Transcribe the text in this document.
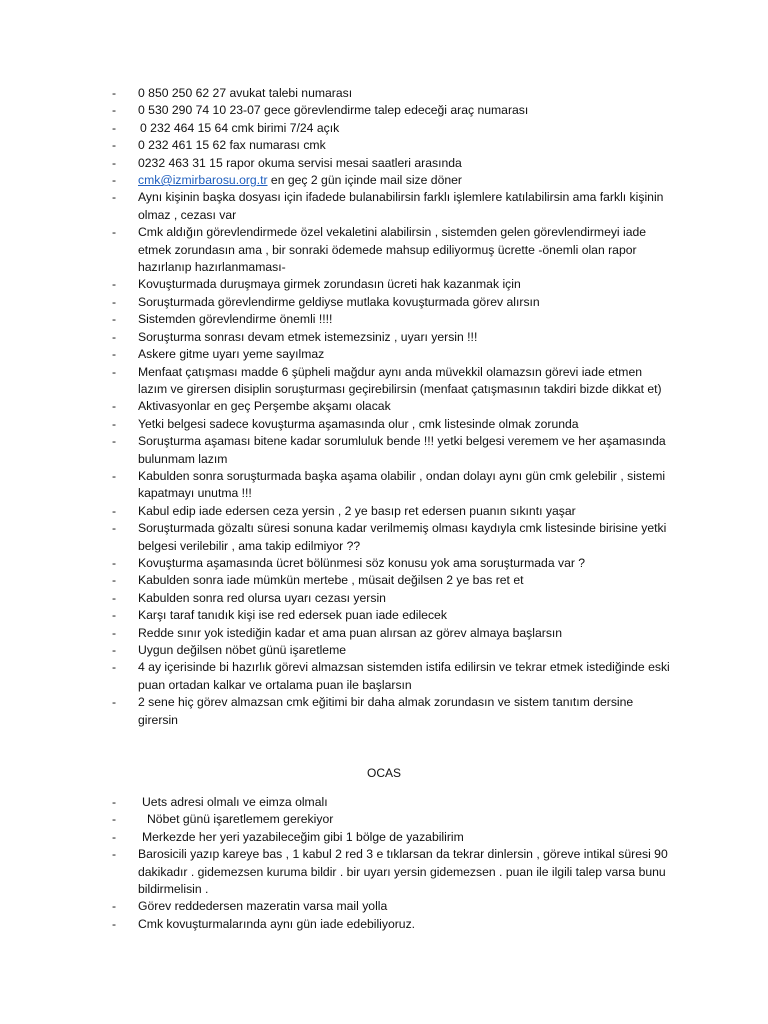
- 0 850 250 62 27 avukat talebi numarası
- 0 530 290 74 10 23-07 gece görevlendirme talep edeceği araç numarası
- 0 232 464 15 64 cmk birimi 7/24 açık
- 0 232 461 15 62 fax numarası cmk
- 0232 463 31 15 rapor okuma servisi mesai saatleri arasında
- cmk@izmirbarosu.org.tr en geç 2 gün içinde mail size döner
- Aynı kişinin başka dosyası için ifadede bulanabilirsin farklı işlemlere katılabilirsin ama farklı kişinin olmaz , cezası var
- Cmk aldığın görevlendirmede özel vekaletini alabilirsin , sistemden gelen görevlendirmeyi iade etmek zorundasın ama , bir sonraki ödemede mahsup ediliyormuş ücrette -önemli olan rapor hazırlanıp hazırlanmaması-
- Kovuşturmada duruşmaya girmek zorundasın ücreti hak kazanmak için
- Soruşturmada görevlendirme geldiyse mutlaka kovuşturmada görev alırsın
- Sistemden görevlendirme önemli !!!!
- Soruşturma sonrası devam etmek istemezsiniz , uyarı yersin !!!
- Askere gitme uyarı yeme sayılmaz
- Menfaat çatışması madde 6 şüpheli mağdur aynı anda müvekkil olamazsın görevi iade etmen lazım ve girersen disiplin soruşturması geçirebilirsin (menfaat çatışmasının takdiri bizde dikkat et)
- Aktivasyonlar en geç Perşembe akşamı olacak
- Yetki belgesi sadece kovuşturma aşamasında olur , cmk listesinde olmak zorunda
- Soruşturma aşaması bitene kadar sorumluluk bende !!! yetki belgesi veremem ve her aşamasında bulunmam lazım
- Kabulden sonra soruşturmada başka aşama olabilir , ondan dolayı aynı gün cmk gelebilir , sistemi kapatmayı unutma !!!
- Kabul edip iade edersen ceza yersin , 2 ye basıp ret edersen puanın sıkıntı yaşar
- Soruşturmada gözaltı süresi sonuna kadar verilmemiş olması kaydıyla cmk listesinde birisine yetki belgesi verilebilir , ama takip edilmiyor ??
- Kovuşturma aşamasında ücret bölünmesi söz konusu yok ama soruşturmada var ?
- Kabulden sonra iade mümkün mertebe , müsait değilsen 2 ye bas ret et
- Kabulden sonra red olursa uyarı cezası yersin
- Karşı taraf tanıdık kişi ise red edersek puan iade edilecek
- Redde sınır yok istediğin kadar et ama puan alırsan az görev almaya başlarsın
- Uygun değilsen nöbet günü işaretleme
- 4 ay içerisinde bi hazırlık görevi almazsan sistemden istifa edilirsin ve tekrar etmek istediğinde eski puan ortadan kalkar ve ortalama puan ile başlarsın
- 2 sene hiç görev almazsan cmk eğitimi bir daha almak zorundasın ve sistem tanıtım dersine girersin
OCAS
- Uets adresi olmalı ve eimza olmalı
-	Nöbet günü işaretlemem gerekiyor
- Merkezde her yeri yazabileceğim gibi 1 bölge de yazabilirim
- Barosicili yazıp kareye bas , 1 kabul 2 red 3 e tıklarsan da tekrar dinlersin , göreve intikal süresi 90 dakikadır . gidemezsen kuruma bildir . bir uyarı yersin gidemezsen . puan ile ilgili talep varsa bunu bildirmelisin .
- Görev reddedersen mazeratin varsa mail yolla
- Cmk kovuşturmalarında aynı gün iade edebiliyoruz.
